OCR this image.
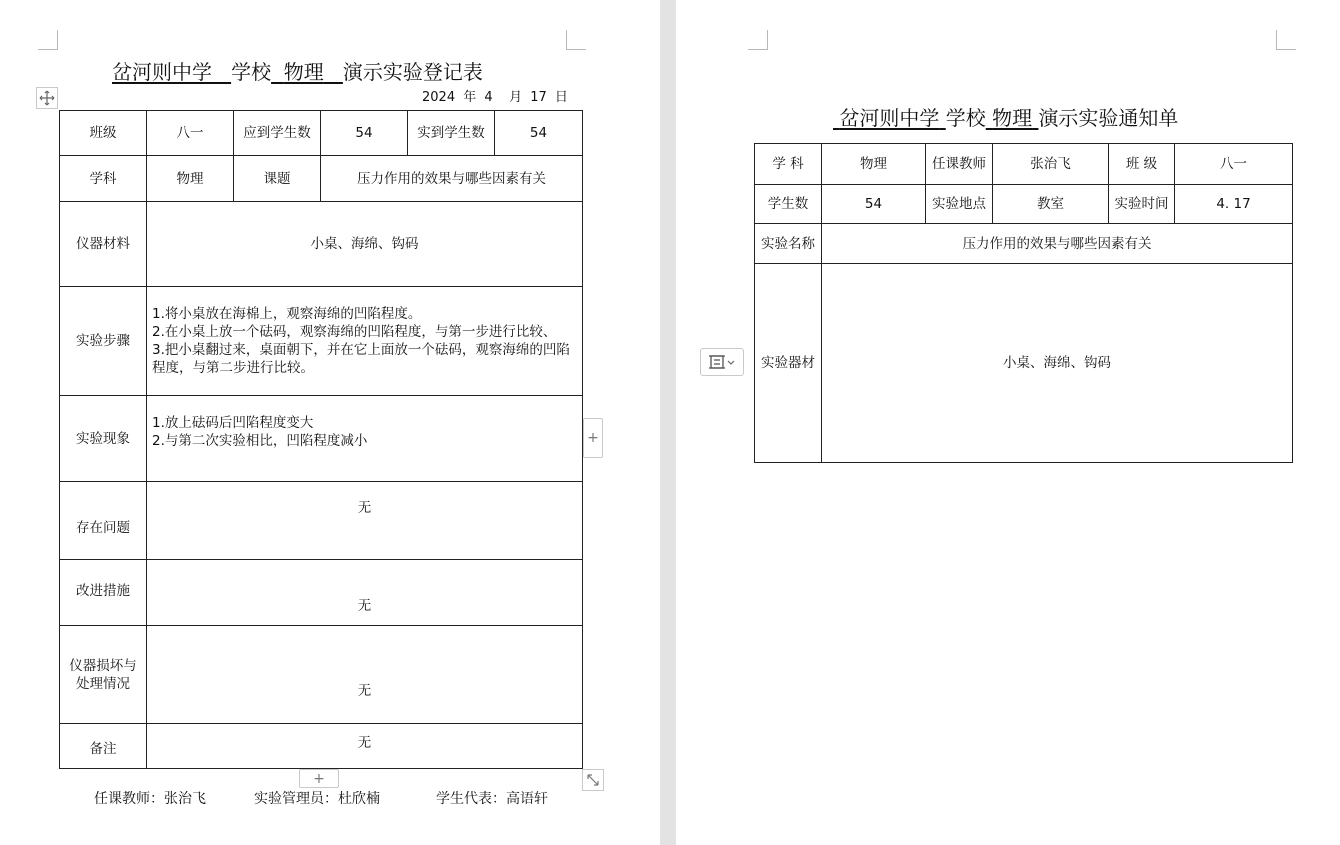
岔河则中学 学校 物理 演示实验登记表
2024 年 4 月 17 日
班级	八一	应到学生数	54	实到学生数	54
学科	物理	课题	压力作用的效果与哪些因素有关		
仪器材料	小桌、海绵、钩码				
实验步骤	1.将小桌放在海棉上，观察海绵的凹陷程度。
2.在小桌上放一个砝码，观察海绵的凹陷程度，与第一步进行比较、
3.把小桌翻过来，桌面朝下，并在它上面放一个砝码，观察海绵的凹陷程度，与第二步进行比较。				

实验现象	1.放上砝码后凹陷程度变大
2.与第二次实验相比，凹陷程度减小				

存在问题	无				
改进措施	无				

仪器损坏与
处理情况	无				
备注	无				
+
+
任课教师：张治飞	实验管理员：杜欣楠	学生代表：高语轩
岔河则中学 学校 物理 演示实验通知单
学 科	物理	任课教师	张治飞	班 级	八一
学生数	54	实验地点	教室	实验时间	4. 17
实验名称	压力作用的效果与哪些因素有关				
实验器材	小桌、海绵、钩码				
